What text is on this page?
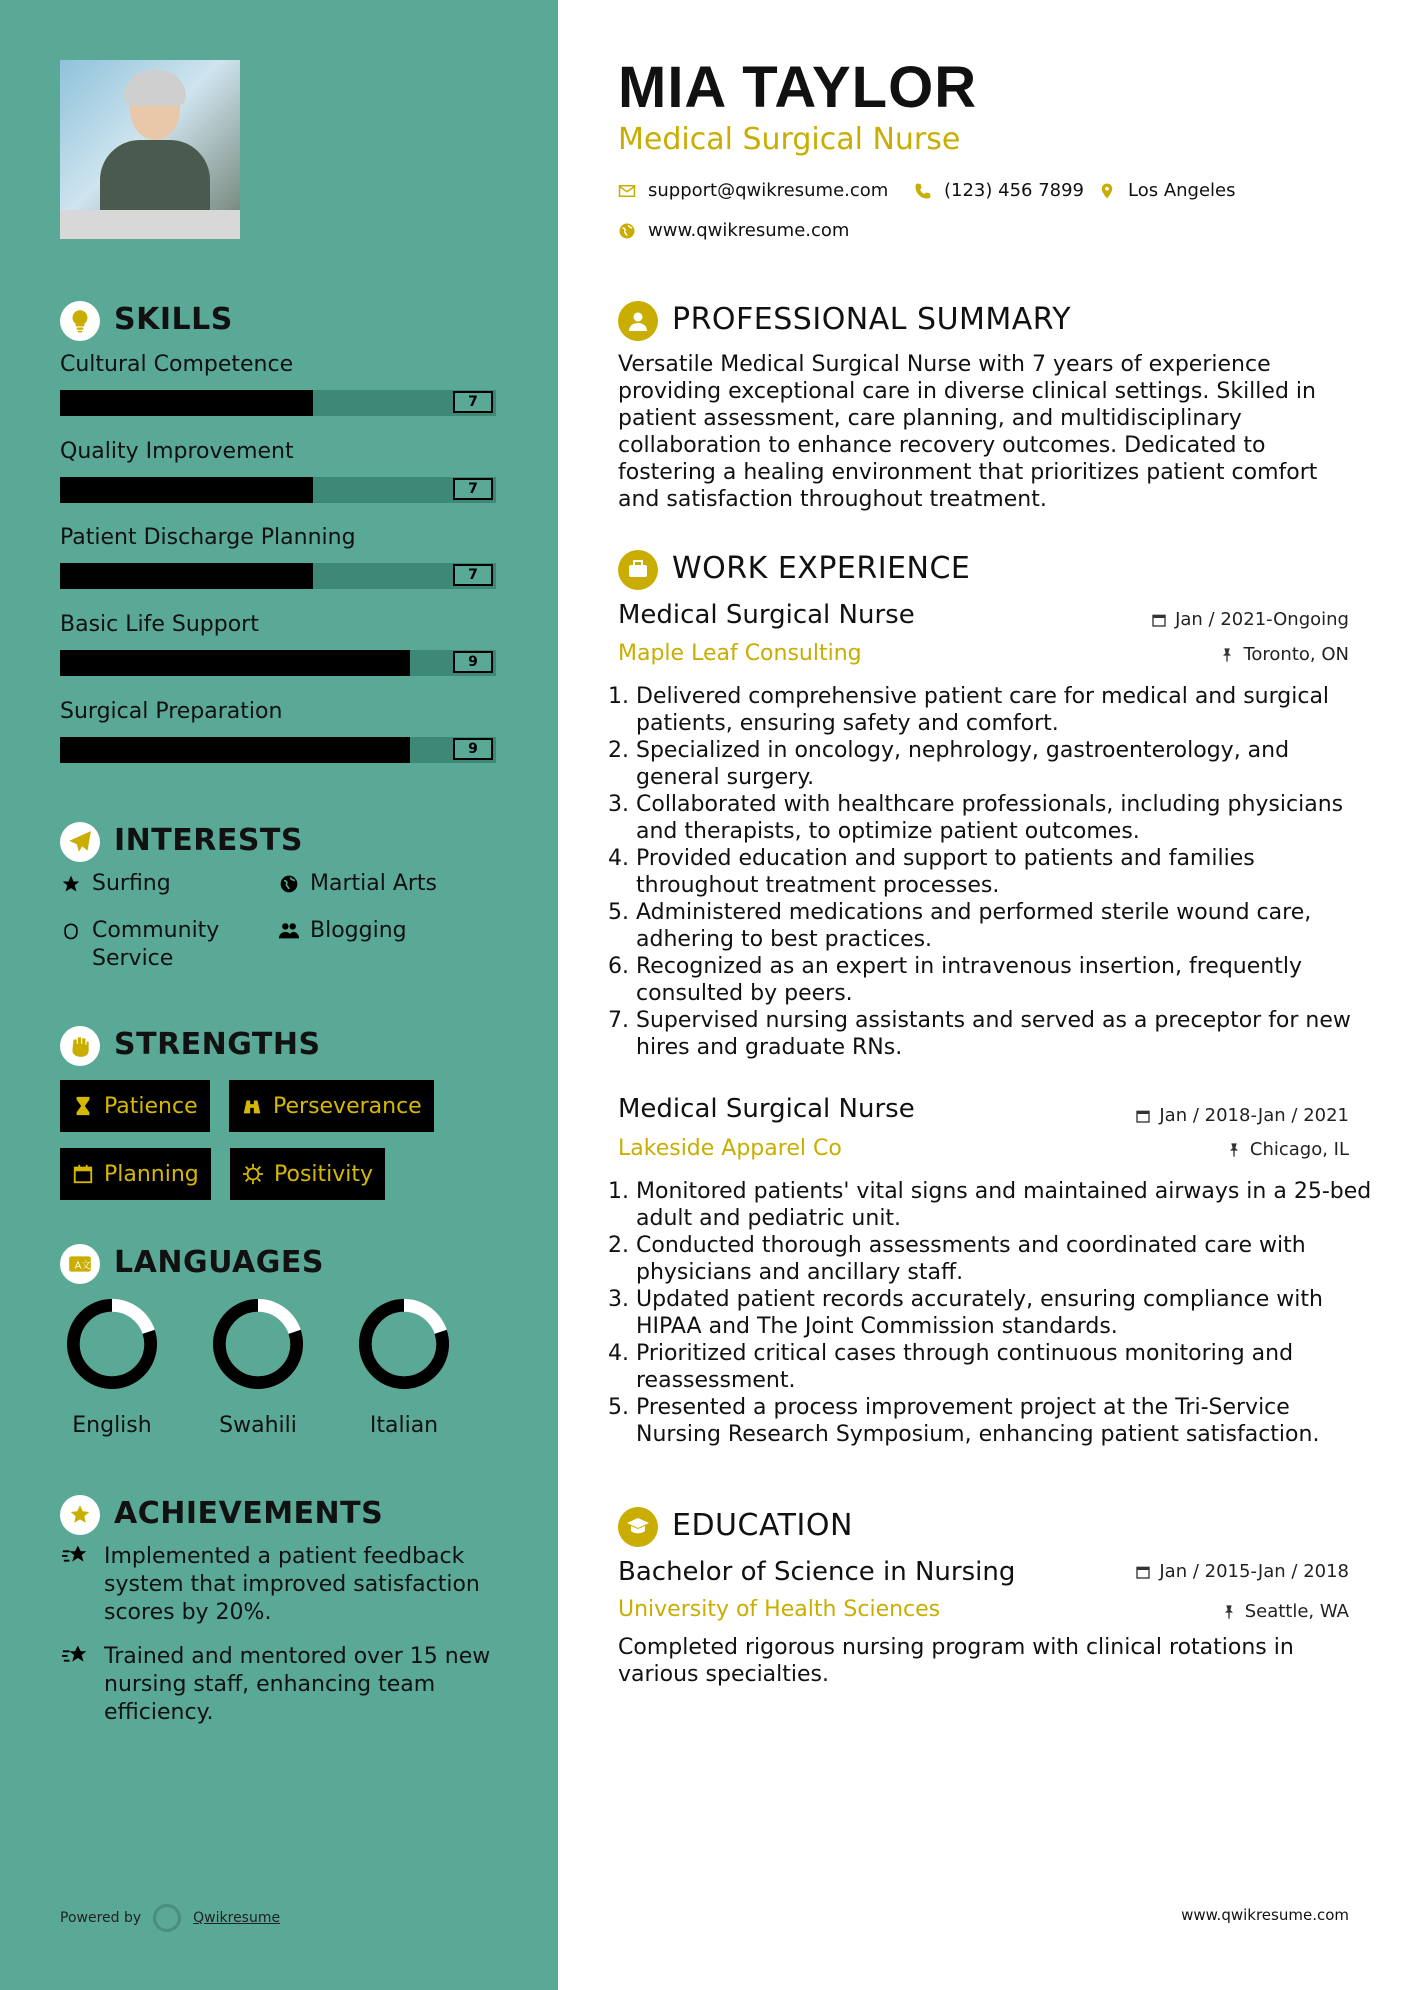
SKILLS
Cultural Competence
7
Quality Improvement
7
Patient Discharge Planning
7
Basic Life Support
9
Surgical Preparation
9
INTERESTS
Surfing	Martial Arts
Community Service
Blogging
STRENGTHS
Patience	Perseverance
Planning	Positivity
A 文 LANGUAGES
English	Swahili	Italian
ACHIEVEMENTS
Implemented a patient feedback system that improved satisfaction scores by 20%.
Trained and mentored over 15 new nursing staff, enhancing team efficiency.
Powered by	Qwikresume
MIA TAYLOR
Medical Surgical Nurse
support@qwikresume.com	(123) 456 7899 Los Angeles
www.qwikresume.com
PROFESSIONAL SUMMARY
Versatile Medical Surgical Nurse with 7 years of experience providing exceptional care in diverse clinical settings. Skilled in patient assessment, care planning, and multidisciplinary collaboration to enhance recovery outcomes. Dedicated to fostering a healing environment that prioritizes patient comfort and satisfaction throughout treatment.
WORK EXPERIENCE
Medical Surgical Nurse	Jan / 2021-Ongoing
Maple Leaf Consulting	Toronto, ON
1. Delivered comprehensive patient care for medical and surgical patients, ensuring safety and comfort.
2. Specialized in oncology, nephrology, gastroenterology, and general surgery.
3. Collaborated with healthcare professionals, including physicians and therapists, to optimize patient outcomes.
4. Provided education and support to patients and families throughout treatment processes.
5. Administered medications and performed sterile wound care, adhering to best practices.
6. Recognized as an expert in intravenous insertion, frequently consulted by peers.
7. Supervised nursing assistants and served as a preceptor for new hires and graduate RNs.
Medical Surgical Nurse	Jan / 2018-Jan / 2021
Lakeside Apparel Co	Chicago, IL
1. Monitored patients' vital signs and maintained airways in a 25-bed adult and pediatric unit.
2. Conducted thorough assessments and coordinated care with physicians and ancillary staff.
3. Updated patient records accurately, ensuring compliance with HIPAA and The Joint Commission standards.
4. Prioritized critical cases through continuous monitoring and reassessment.
5. Presented a process improvement project at the Tri-Service Nursing Research Symposium, enhancing patient satisfaction.
EDUCATION
Bachelor of Science in Nursing	Jan / 2015-Jan / 2018
University of Health Sciences	Seattle, WA
Completed rigorous nursing program with clinical rotations in various specialties.
www.qwikresume.com
